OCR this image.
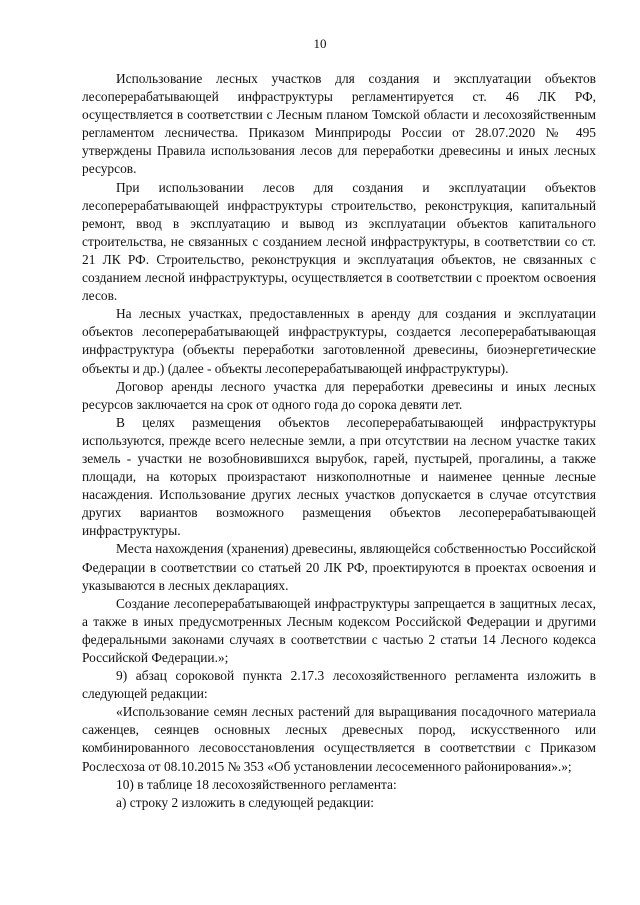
10

Использование лесных участков для создания и эксплуатации объектов лесоперерабатывающей инфраструктуры регламентируется ст. 46 ЛК РФ, осуществляется в соответствии с Лесным планом Томской области и лесохозяйственным регламентом лесничества. Приказом Минприроды России от 28.07.2020 № 495 утверждены Правила использования лесов для переработки древесины и иных лесных ресурсов.

При использовании лесов для создания и эксплуатации объектов лесоперерабатывающей инфраструктуры строительство, реконструкция, капитальный ремонт, ввод в эксплуатацию и вывод из эксплуатации объектов капитального строительства, не связанных с созданием лесной инфраструктуры, в соответствии со ст. 21 ЛК РФ. Строительство, реконструкция и эксплуатация объектов, не связанных с созданием лесной инфраструктуры, осуществляется в соответствии с проектом освоения лесов.

На лесных участках, предоставленных в аренду для создания и эксплуатации объектов лесоперерабатывающей инфраструктуры, создается лесоперерабатывающая инфраструктура (объекты переработки заготовленной древесины, биоэнергетические объекты и др.) (далее - объекты лесоперерабатывающей инфраструктуры).

Договор аренды лесного участка для переработки древесины и иных лесных ресурсов заключается на срок от одного года до сорока девяти лет.

В целях размещения объектов лесоперерабатывающей инфраструктуры используются, прежде всего нелесные земли, а при отсутствии на лесном участке таких земель - участки не возобновившихся вырубок, гарей, пустырей, прогалины, а также площади, на которых произрастают низкополнотные и наименее ценные лесные насаждения. Использование других лесных участков допускается в случае отсутствия других вариантов возможного размещения объектов лесоперерабатывающей инфраструктуры.

Места нахождения (хранения) древесины, являющейся собственностью Российской Федерации в соответствии со статьей 20 ЛК РФ, проектируются в проектах освоения и указываются в лесных декларациях.

Создание лесоперерабатывающей инфраструктуры запрещается в защитных лесах, а также в иных предусмотренных Лесным кодексом Российской Федерации и другими федеральными законами случаях в соответствии с частью 2 статьи 14 Лесного кодекса Российской Федерации.»;

9) абзац сороковой пункта 2.17.3 лесохозяйственного регламента изложить в следующей редакции:

«Использование семян лесных растений для выращивания посадочного материала саженцев, сеянцев основных лесных древесных пород, искусственного или комбинированного лесовосстановления осуществляется в соответствии с Приказом Рослесхоза от 08.10.2015 № 353 «Об установлении лесосеменного районирования».»;

10) в таблице 18 лесохозяйственного регламента:

а) строку 2 изложить в следующей редакции:
